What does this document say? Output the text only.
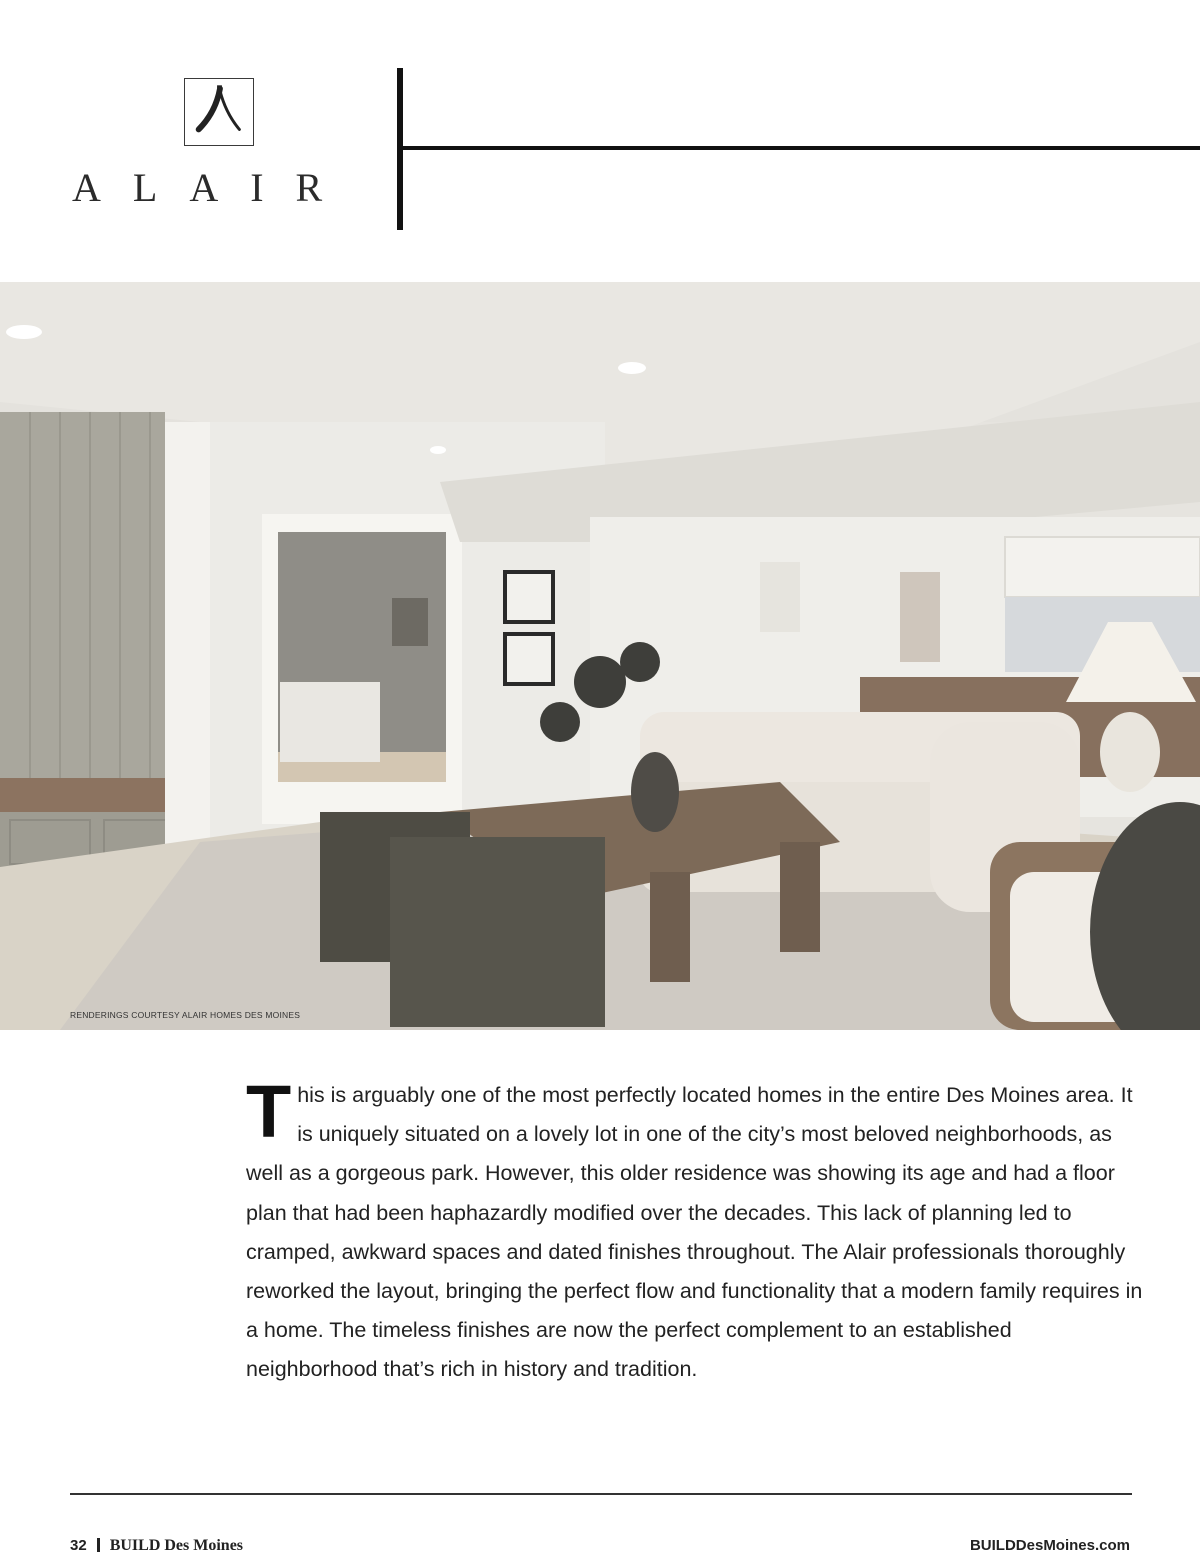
ALAIR
RENDERINGS COURTESY ALAIR HOMES DES MOINES
This is arguably one of the most perfectly located homes in the entire Des Moines area. It is uniquely situated on a lovely lot in one of the city’s most beloved neighborhoods, as well as a gorgeous park. However, this older residence was showing its age and had a floor plan that had been haphazardly modified over the decades. This lack of planning led to cramped, awkward spaces and dated finishes throughout. The Alair professionals thoroughly reworked the layout, bringing the perfect flow and functionality that a modern family requires in a home. The timeless finishes are now the perfect complement to an established neighborhood that’s rich in history and tradition.
32 BUILD Des Moines	BUILDDesMoines.com
